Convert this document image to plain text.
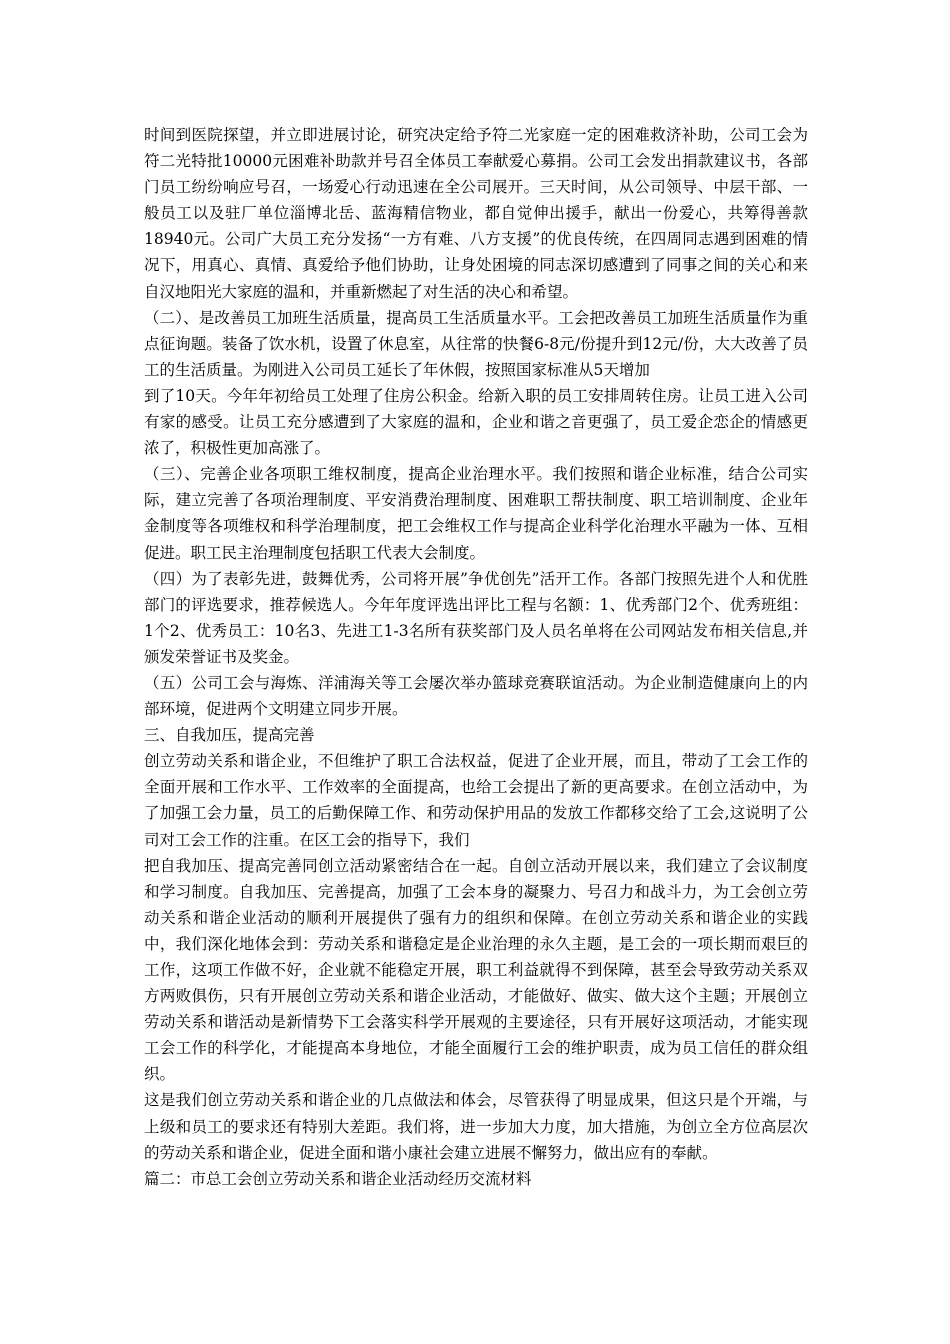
时间到医院探望，并立即进展讨论，研究决定给予符二光家庭一定的困难救济补助，公司工会为符二光特批10000元困难补助款并号召全体员工奉献爱心募捐。公司工会发出捐款建议书，各部门员工纷纷响应号召，一场爱心行动迅速在全公司展开。三天时间，从公司领导、中层干部、一般员工以及驻厂单位淄博北岳、蓝海精信物业，都自觉伸出援手，献出一份爱心，共筹得善款18940元。公司广大员工充分发扬“一方有难、八方支援”的优良传统，在四周同志遇到困难的情况下，用真心、真情、真爱给予他们协助，让身处困境的同志深切感遭到了同事之间的关心和来自汉地阳光大家庭的温和，并重新燃起了对生活的决心和希望。

（二）、是改善员工加班生活质量，提高员工生活质量水平。工会把改善员工加班生活质量作为重点征询题。装备了饮水机，设置了休息室，从往常的快餐6-8元/份提升到12元/份，大大改善了员工的生活质量。为刚进入公司员工延长了年休假，按照国家标准从5天增加

到了10天。今年年初给员工处理了住房公积金。给新入职的员工安排周转住房。让员工进入公司有家的感受。让员工充分感遭到了大家庭的温和，企业和谐之音更强了，员工爱企恋企的情感更浓了，积极性更加高涨了。

（三）、完善企业各项职工维权制度，提高企业治理水平。我们按照和谐企业标准，结合公司实际，建立完善了各项治理制度、平安消费治理制度、困难职工帮扶制度、职工培训制度、企业年金制度等各项维权和科学治理制度，把工会维权工作与提高企业科学化治理水平融为一体、互相促进。职工民主治理制度包括职工代表大会制度。

（四）为了表彰先进，鼓舞优秀，公司将开展”争优创先”活开工作。各部门按照先进个人和优胜部门的评选要求，推荐候选人。今年年度评选出评比工程与名额：1、优秀部门2个、优秀班组：1个2、优秀员工：10名3、先进工1-3名所有获奖部门及人员名单将在公司网站发布相关信息,并颁发荣誉证书及奖金。

（五）公司工会与海炼、洋浦海关等工会屡次举办篮球竞赛联谊活动。为企业制造健康向上的内部环境，促进两个文明建立同步开展。

三、自我加压，提高完善

创立劳动关系和谐企业，不但维护了职工合法权益，促进了企业开展，而且，带动了工会工作的全面开展和工作水平、工作效率的全面提高，也给工会提出了新的更高要求。在创立活动中，为了加强工会力量，员工的后勤保障工作、和劳动保护用品的发放工作都移交给了工会,这说明了公司对工会工作的注重。在区工会的指导下，我们

把自我加压、提高完善同创立活动紧密结合在一起。自创立活动开展以来，我们建立了会议制度和学习制度。自我加压、完善提高，加强了工会本身的凝聚力、号召力和战斗力，为工会创立劳动关系和谐企业活动的顺利开展提供了强有力的组织和保障。在创立劳动关系和谐企业的实践中，我们深化地体会到：劳动关系和谐稳定是企业治理的永久主题，是工会的一项长期而艰巨的工作，这项工作做不好，企业就不能稳定开展，职工利益就得不到保障，甚至会导致劳动关系双方两败俱伤，只有开展创立劳动关系和谐企业活动，才能做好、做实、做大这个主题；开展创立劳动关系和谐活动是新情势下工会落实科学开展观的主要途径，只有开展好这项活动，才能实现工会工作的科学化，才能提高本身地位，才能全面履行工会的维护职责，成为员工信任的群众组织。

这是我们创立劳动关系和谐企业的几点做法和体会，尽管获得了明显成果，但这只是个开端，与上级和员工的要求还有特别大差距。我们将，进一步加大力度，加大措施，为创立全方位高层次的劳动关系和谐企业，促进全面和谐小康社会建立进展不懈努力，做出应有的奉献。

篇二：市总工会创立劳动关系和谐企业活动经历交流材料
